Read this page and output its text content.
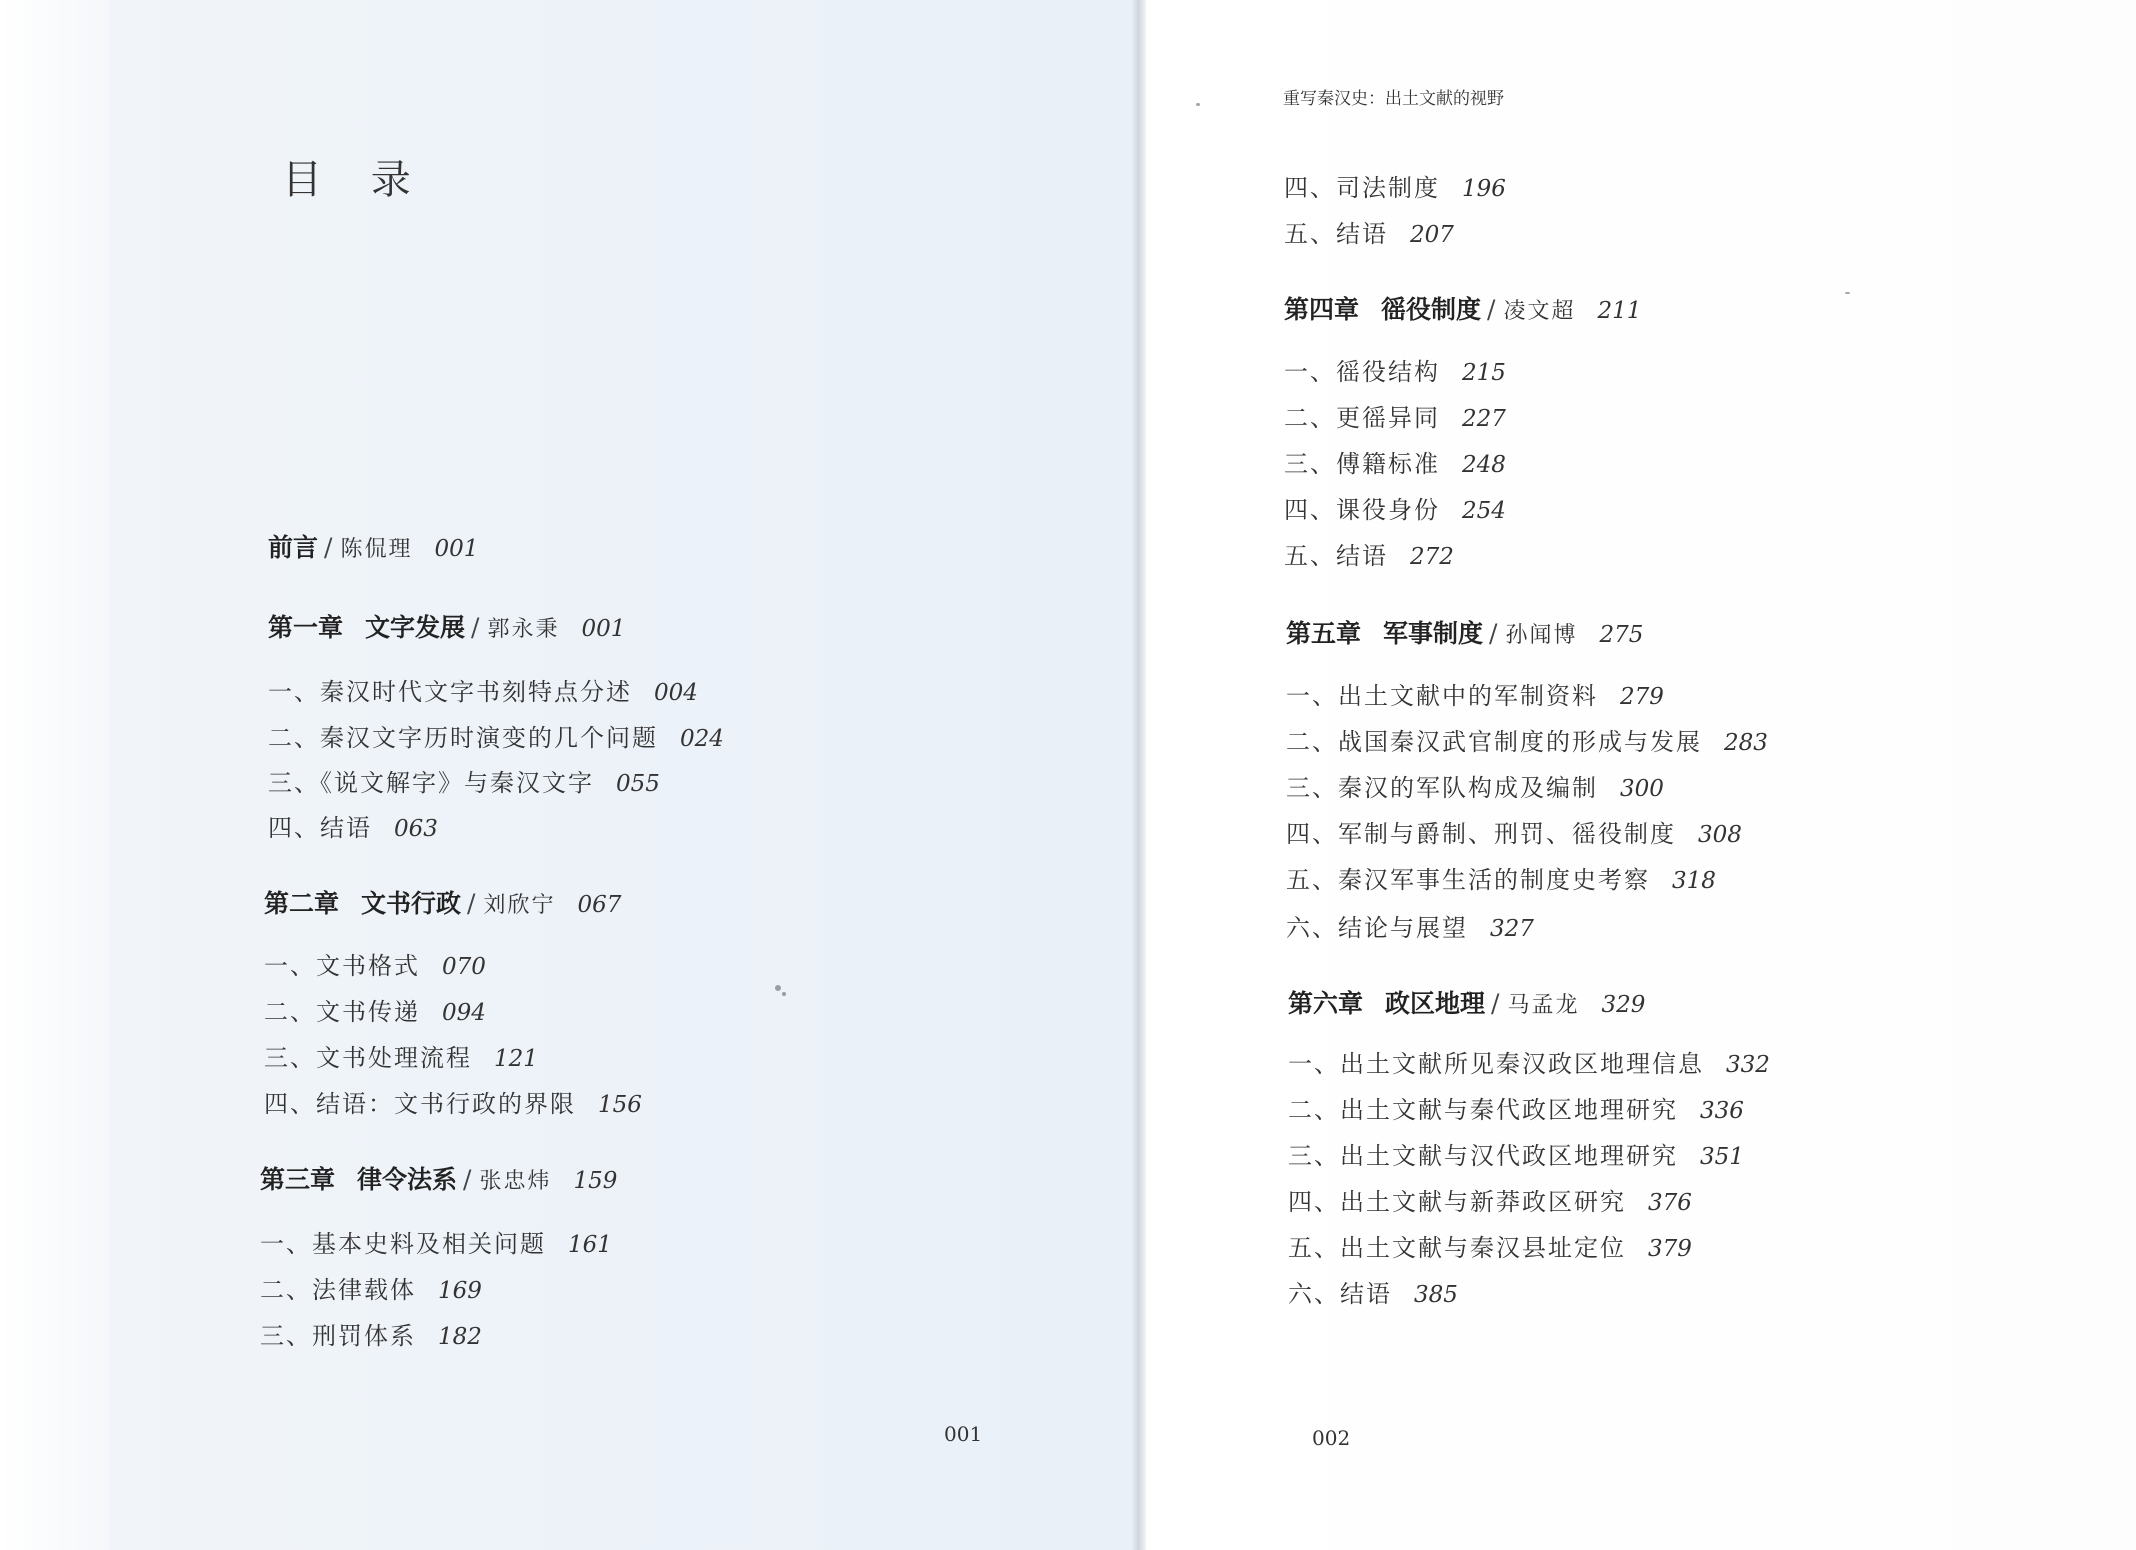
目 录
重写秦汉史：出土文献的视野
前言 / 陈侃理 001
第一章 文字发展 / 郭永秉 001
一、秦汉时代文字书刻特点分述 004
二、秦汉文字历时演变的几个问题 024
三、《说文解字》与秦汉文字 055
四、结语 063
第二章 文书行政 / 刘欣宁 067
一、文书格式 070
二、文书传递 094
三、文书处理流程 121
四、结语：文书行政的界限 156
第三章 律令法系 / 张忠炜 159
一、基本史料及相关问题 161
二、法律载体 169
三、刑罚体系 182
001
四、司法制度 196
五、结语 207
第四章 徭役制度 / 凌文超 211
一、徭役结构 215
二、更徭异同 227
三、傅籍标准 248
四、课役身份 254
五、结语 272
第五章 军事制度 / 孙闻博 275
一、出土文献中的军制资料 279
二、战国秦汉武官制度的形成与发展 283
三、秦汉的军队构成及编制 300
四、军制与爵制、刑罚、徭役制度 308
五、秦汉军事生活的制度史考察 318
六、结论与展望 327
第六章 政区地理 / 马孟龙 329
一、出土文献所见秦汉政区地理信息 332
二、出土文献与秦代政区地理研究 336
三、出土文献与汉代政区地理研究 351
四、出土文献与新莽政区研究 376
五、出土文献与秦汉县址定位 379
六、结语 385
002
